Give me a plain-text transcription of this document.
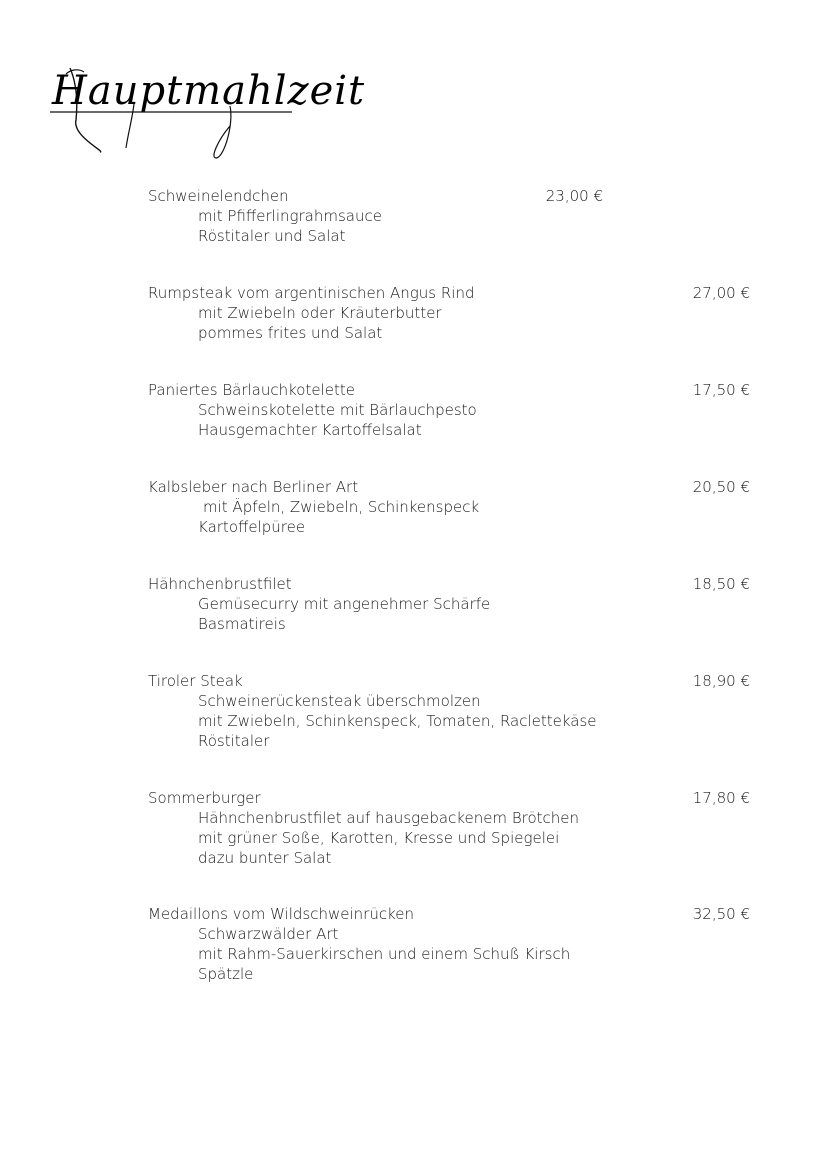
Hauptmahlzeit
Schweinelendchen	23,00 €
mit Pfifferlingrahmsauce
Röstitaler und Salat
Rumpsteak vom argentinischen Angus Rind	27,00 €
mit Zwiebeln oder Kräuterbutter
pommes frites und Salat
Paniertes Bärlauchkotelette	17,50 €
Schweinskotelette mit Bärlauchpesto
Hausgemachter Kartoffelsalat
Kalbsleber nach Berliner Art	20,50 €
mit Äpfeln, Zwiebeln, Schinkenspeck
Kartoffelpüree
Hähnchenbrustfilet	18,50 €
Gemüsecurry mit angenehmer Schärfe
Basmatireis
Tiroler Steak	18,90 €
Schweinerückensteak überschmolzen
mit Zwiebeln, Schinkenspeck, Tomaten, Raclettekäse
Röstitaler
Sommerburger	17,80 €
Hähnchenbrustfilet auf hausgebackenem Brötchen
mit grüner Soße, Karotten, Kresse und Spiegelei
dazu bunter Salat
Medaillons vom Wildschweinrücken	32,50 €
Schwarzwälder Art
mit Rahm-Sauerkirschen und einem Schuß Kirsch
Spätzle
